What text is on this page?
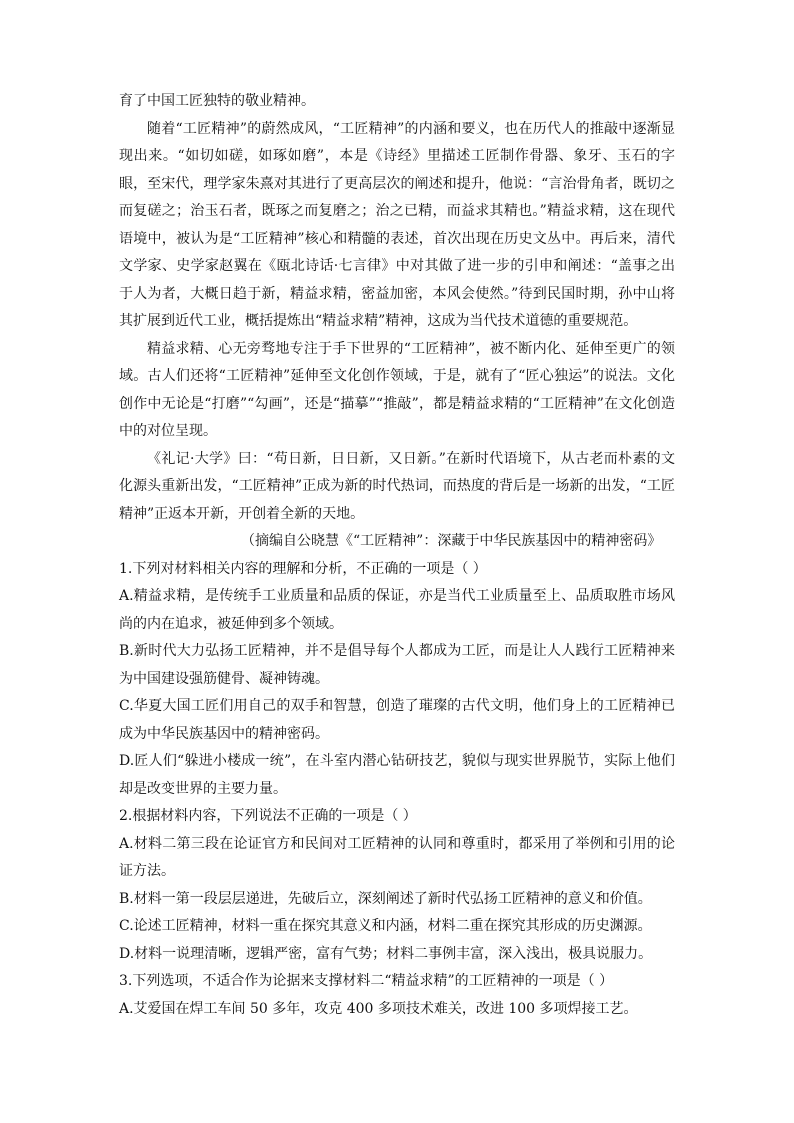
育了中国工匠独特的敬业精神。

随着“工匠精神”的蔚然成风，“工匠精神”的内涵和要义，也在历代人的推敲中逐渐显现出来。“如切如磋，如琢如磨”，本是《诗经》里描述工匠制作骨器、象牙、玉石的字眼，至宋代，理学家朱熹对其进行了更高层次的阐述和提升，他说：“言治骨角者，既切之而复磋之；治玉石者，既琢之而复磨之；治之已精，而益求其精也。”精益求精，这在现代语境中，被认为是“工匠精神”核心和精髓的表述，首次出现在历史文丛中。再后来，清代文学家、史学家赵翼在《瓯北诗话·七言律》中对其做了进一步的引申和阐述：“盖事之出于人为者，大概日趋于新，精益求精，密益加密，本风会使然。”待到民国时期，孙中山将其扩展到近代工业，概括提炼出“精益求精”精神，这成为当代技术道德的重要规范。

精益求精、心无旁骛地专注于手下世界的“工匠精神”，被不断内化、延伸至更广的领域。古人们还将“工匠精神”延伸至文化创作领域，于是，就有了“匠心独运”的说法。文化创作中无论是“打磨”“勾画”，还是“描摹”“推敲”，都是精益求精的“工匠精神”在文化创造中的对位呈现。

《礼记·大学》曰：“苟日新，日日新，又日新。”在新时代语境下，从古老而朴素的文化源头重新出发，“工匠精神”正成为新的时代热词，而热度的背后是一场新的出发，“工匠精神”正返本开新，开创着全新的天地。

（摘编自公晓慧《“工匠精神”：深藏于中华民族基因中的精神密码》

1.下列对材料相关内容的理解和分析，不正确的一项是（ ）

A.精益求精，是传统手工业质量和品质的保证，亦是当代工业质量至上、品质取胜市场风尚的内在追求，被延伸到多个领域。

B.新时代大力弘扬工匠精神，并不是倡导每个人都成为工匠，而是让人人践行工匠精神来为中国建设强筋健骨、凝神铸魂。

C.华夏大国工匠们用自己的双手和智慧，创造了璀璨的古代文明，他们身上的工匠精神已成为中华民族基因中的精神密码。

D.匠人们“躲进小楼成一统”，在斗室内潜心钻研技艺，貌似与现实世界脱节，实际上他们却是改变世界的主要力量。

2.根据材料内容，下列说法不正确的一项是（ ）

A.材料二第三段在论证官方和民间对工匠精神的认同和尊重时，都采用了举例和引用的论证方法。

B.材料一第一段层层递进，先破后立，深刻阐述了新时代弘扬工匠精神的意义和价值。

C.论述工匠精神，材料一重在探究其意义和内涵，材料二重在探究其形成的历史渊源。

D.材料一说理清晰，逻辑严密，富有气势；材料二事例丰富，深入浅出，极具说服力。

3.下列选项，不适合作为论据来支撑材料二“精益求精”的工匠精神的一项是（ ）

A.艾爱国在焊工车间 50 多年，攻克 400 多项技术难关，改进 100 多项焊接工艺。
